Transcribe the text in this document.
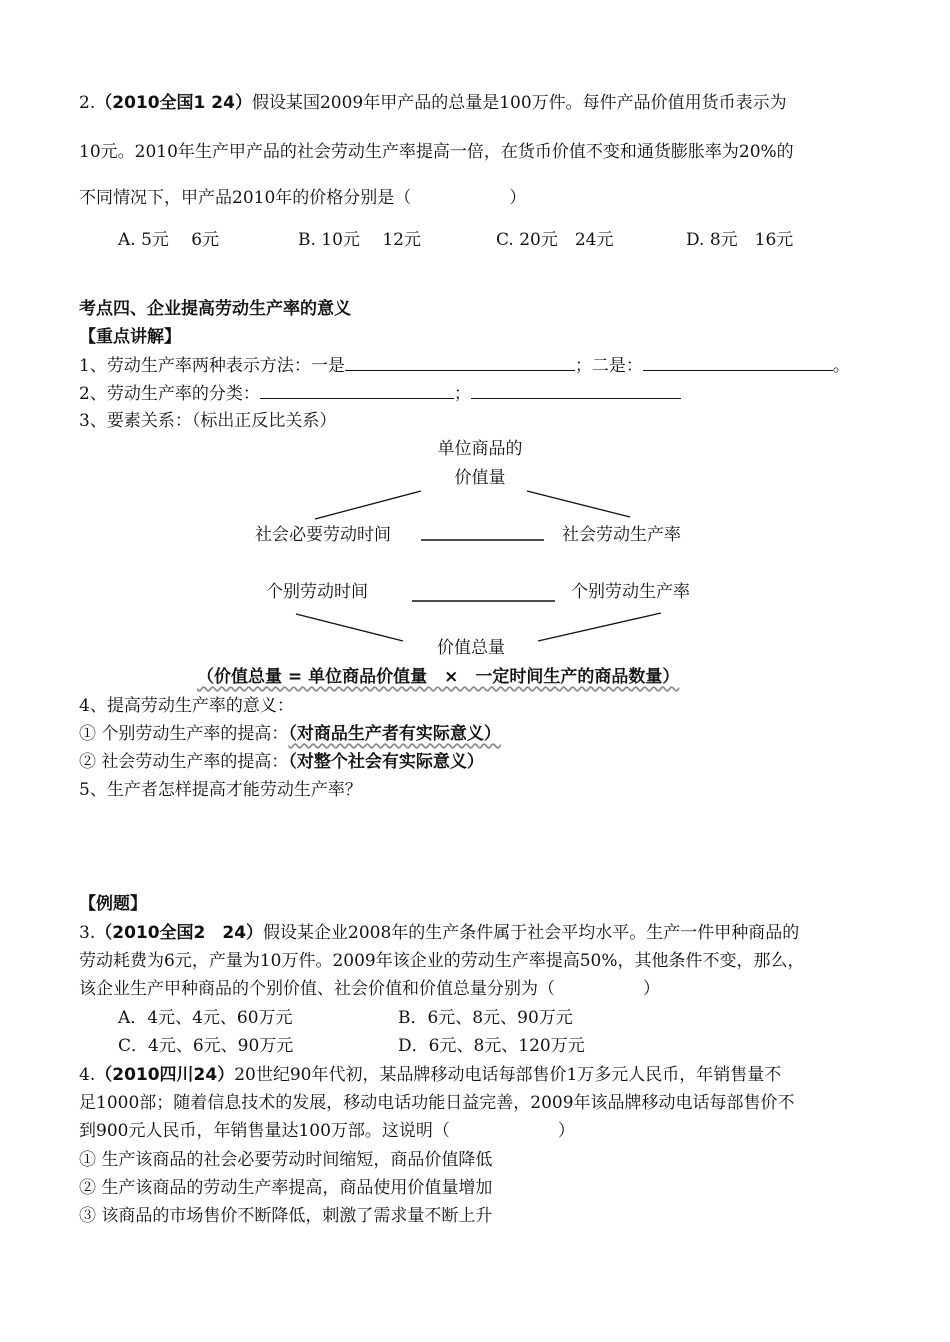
2.（2010全国1 24）假设某国2009年甲产品的总量是100万件。每件产品价值用货币表示为
10元。2010年生产甲产品的社会劳动生产率提高一倍，在货币价值不变和通货膨胀率为20%的
不同情况下，甲产品2010年的价格分别是（	）
A. 5元　 6元	B. 10元　 12元	C. 20元　24元	D. 8元　16元
考点四、企业提高劳动生产率的意义
【重点讲解】
1、劳动生产率两种表示方法：一是	；二是：	。
2、劳动生产率的分类：	；
3、要素关系：（标出正反比关系）
单位商品的
价值量
社会必要劳动时间	社会劳动生产率
个别劳动时间	个别劳动生产率
价值总量
（价值总量 = 单位商品价值量　×　一定时间生产的商品数量）
4、提高劳动生产率的意义：
① 个别劳动生产率的提高：（对商品生产者有实际意义）
② 社会劳动生产率的提高：（对整个社会有实际意义）
5、生产者怎样提高才能劳动生产率？
【例题】
3.（2010全国2　24）假设某企业2008年的生产条件属于社会平均水平。生产一件甲种商品的
劳动耗费为6元，产量为10万件。2009年该企业的劳动生产率提高50%，其他条件不变，那么，
该企业生产甲种商品的个别价值、社会价值和价值总量分别为（	）
A．4元、4元、60万元	B．6元、8元、90万元
C．4元、6元、90万元	D．6元、8元、120万元
4.（2010四川24）20世纪90年代初，某品牌移动电话每部售价1万多元人民币，年销售量不
足1000部；随着信息技术的发展，移动电话功能日益完善，2009年该品牌移动电话每部售价不
到900元人民币，年销售量达100万部。这说明（	）
① 生产该商品的社会必要劳动时间缩短，商品价值降低
② 生产该商品的劳动生产率提高，商品使用价值量增加
③ 该商品的市场售价不断降低，刺激了需求量不断上升
